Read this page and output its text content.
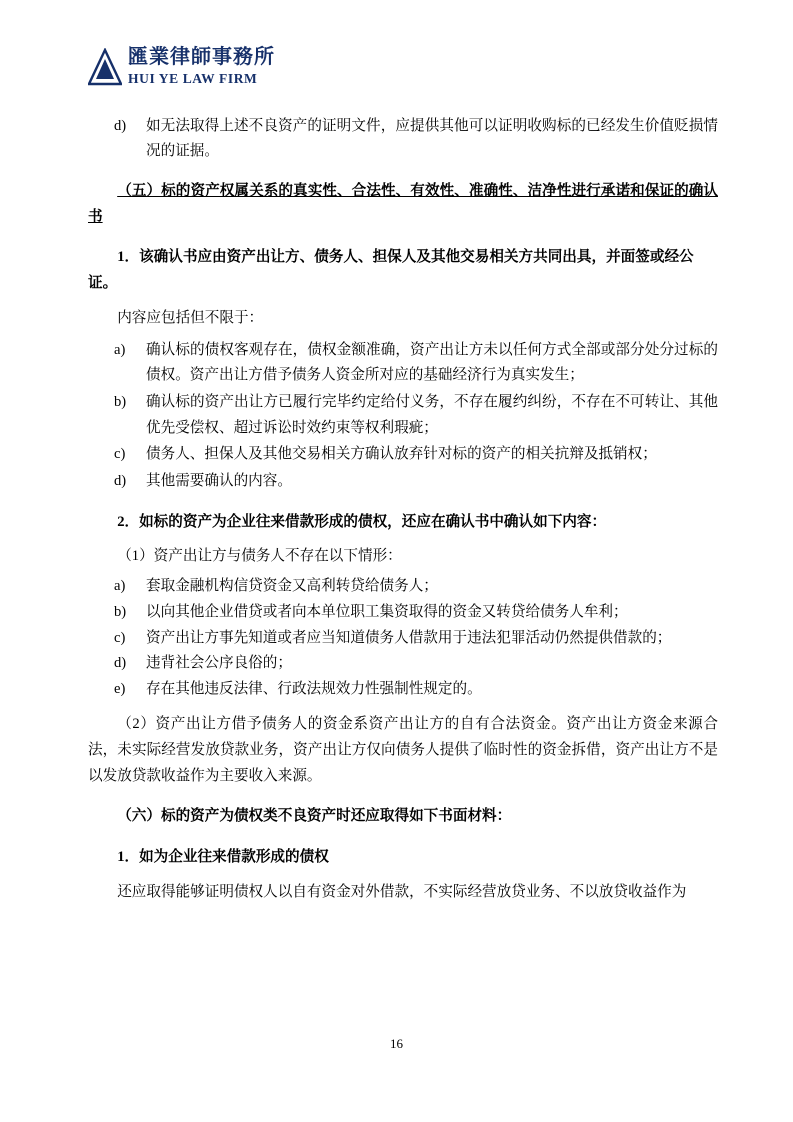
匯業律師事務所
HUI YE LAW FIRM
d)	如无法取得上述不良资产的证明文件，应提供其他可以证明收购标的已经发生价值贬损情况的证据。

（五）标的资产权属关系的真实性、合法性、有效性、准确性、洁净性进行承诺和保证的确认书

1．该确认书应由资产出让方、债务人、担保人及其他交易相关方共同出具，并面签或经公证。

内容应包括但不限于：

a)	确认标的债权客观存在，债权金额准确，资产出让方未以任何方式全部或部分处分过标的债权。资产出让方借予债务人资金所对应的基础经济行为真实发生；
b)	确认标的资产出让方已履行完毕约定给付义务，不存在履约纠纷，不存在不可转让、其他优先受偿权、超过诉讼时效约束等权利瑕疵；
c)	债务人、担保人及其他交易相关方确认放弃针对标的资产的相关抗辩及抵销权；
d)	其他需要确认的内容。

2．如标的资产为企业往来借款形成的债权，还应在确认书中确认如下内容：

（1）资产出让方与债务人不存在以下情形：

a)	套取金融机构信贷资金又高利转贷给债务人；
b)	以向其他企业借贷或者向本单位职工集资取得的资金又转贷给债务人牟利；
c)	资产出让方事先知道或者应当知道债务人借款用于违法犯罪活动仍然提供借款的；
d)	违背社会公序良俗的；
e)	存在其他违反法律、行政法规效力性强制性规定的。

（2）资产出让方借予债务人的资金系资产出让方的自有合法资金。资产出让方资金来源合法，未实际经营发放贷款业务，资产出让方仅向债务人提供了临时性的资金拆借，资产出让方不是以发放贷款收益作为主要收入来源。

（六）标的资产为债权类不良资产时还应取得如下书面材料：

1．如为企业往来借款形成的债权

还应取得能够证明债权人以自有资金对外借款，不实际经营放贷业务、不以放贷收益作为

16
